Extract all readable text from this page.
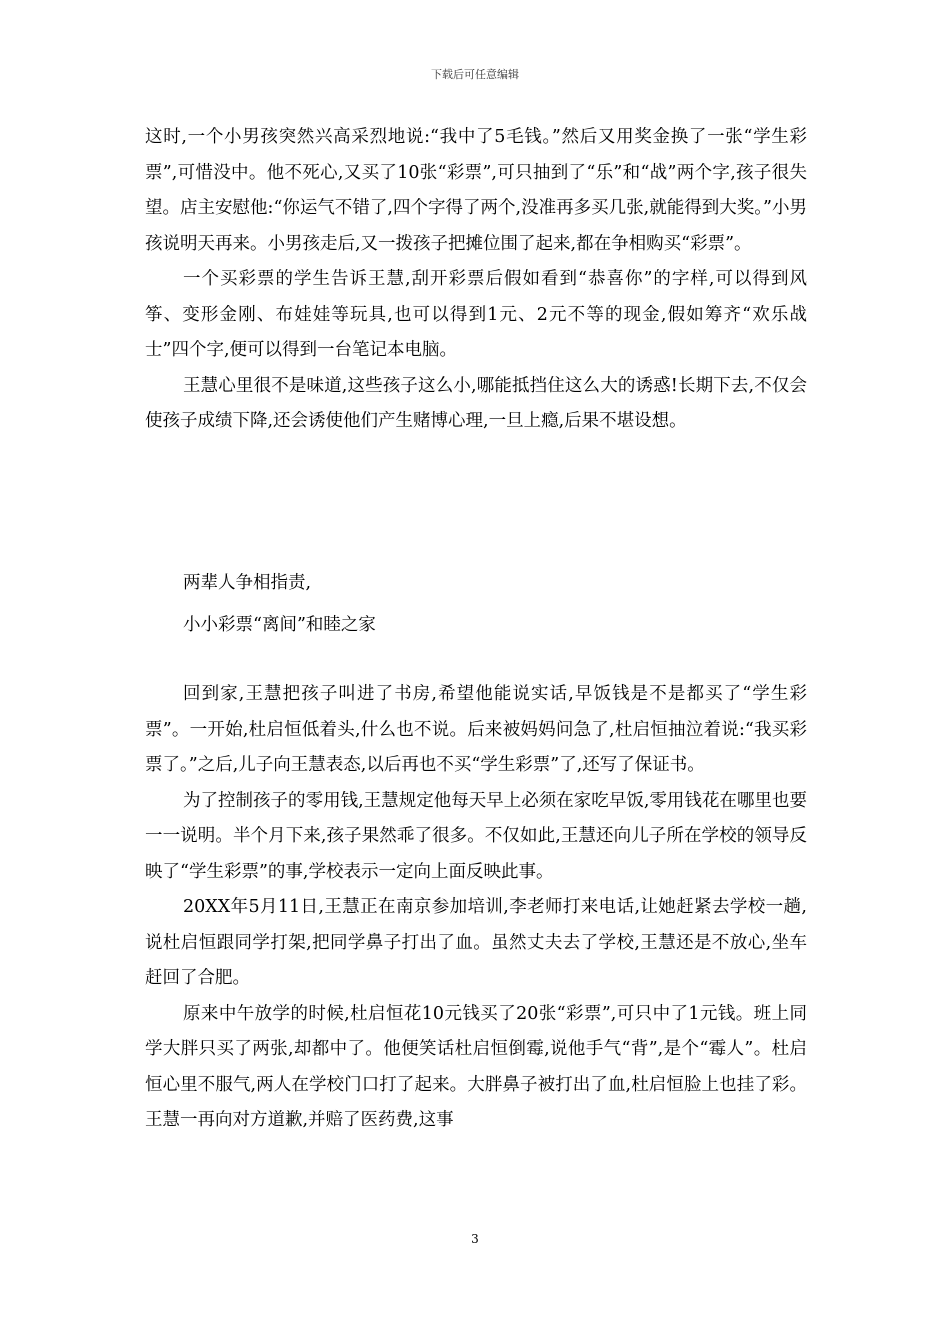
下载后可任意编辑

这时,一个小男孩突然兴高采烈地说:“我中了5毛钱。”然后又用奖金换了一张“学生彩票”,可惜没中。他不死心,又买了10张“彩票”,可只抽到了“乐”和“战”两个字,孩子很失望。店主安慰他:“你运气不错了,四个字得了两个,没准再多买几张,就能得到大奖。”小男孩说明天再来。小男孩走后,又一拨孩子把摊位围了起来,都在争相购买“彩票”。

一个买彩票的学生告诉王慧,刮开彩票后假如看到“恭喜你”的字样,可以得到风筝、变形金刚、布娃娃等玩具,也可以得到1元、2元不等的现金,假如筹齐“欢乐战士”四个字,便可以得到一台笔记本电脑。

王慧心里很不是味道,这些孩子这么小,哪能抵挡住这么大的诱惑!长期下去,不仅会使孩子成绩下降,还会诱使他们产生赌博心理,一旦上瘾,后果不堪设想。

两辈人争相指责,
小小彩票“离间”和睦之家

回到家,王慧把孩子叫进了书房,希望他能说实话,早饭钱是不是都买了“学生彩票”。一开始,杜启恒低着头,什么也不说。后来被妈妈问急了,杜启恒抽泣着说:“我买彩票了。”之后,儿子向王慧表态,以后再也不买“学生彩票”了,还写了保证书。

为了控制孩子的零用钱,王慧规定他每天早上必须在家吃早饭,零用钱花在哪里也要一一说明。半个月下来,孩子果然乖了很多。不仅如此,王慧还向儿子所在学校的领导反映了“学生彩票”的事,学校表示一定向上面反映此事。

20XX年5月11日,王慧正在南京参加培训,李老师打来电话,让她赶紧去学校一趟,说杜启恒跟同学打架,把同学鼻子打出了血。虽然丈夫去了学校,王慧还是不放心,坐车赶回了合肥。

原来中午放学的时候,杜启恒花10元钱买了20张“彩票”,可只中了1元钱。班上同学大胖只买了两张,却都中了。他便笑话杜启恒倒霉,说他手气“背”,是个“霉人”。杜启恒心里不服气,两人在学校门口打了起来。大胖鼻子被打出了血,杜启恒脸上也挂了彩。王慧一再向对方道歉,并赔了医药费,这事

3
